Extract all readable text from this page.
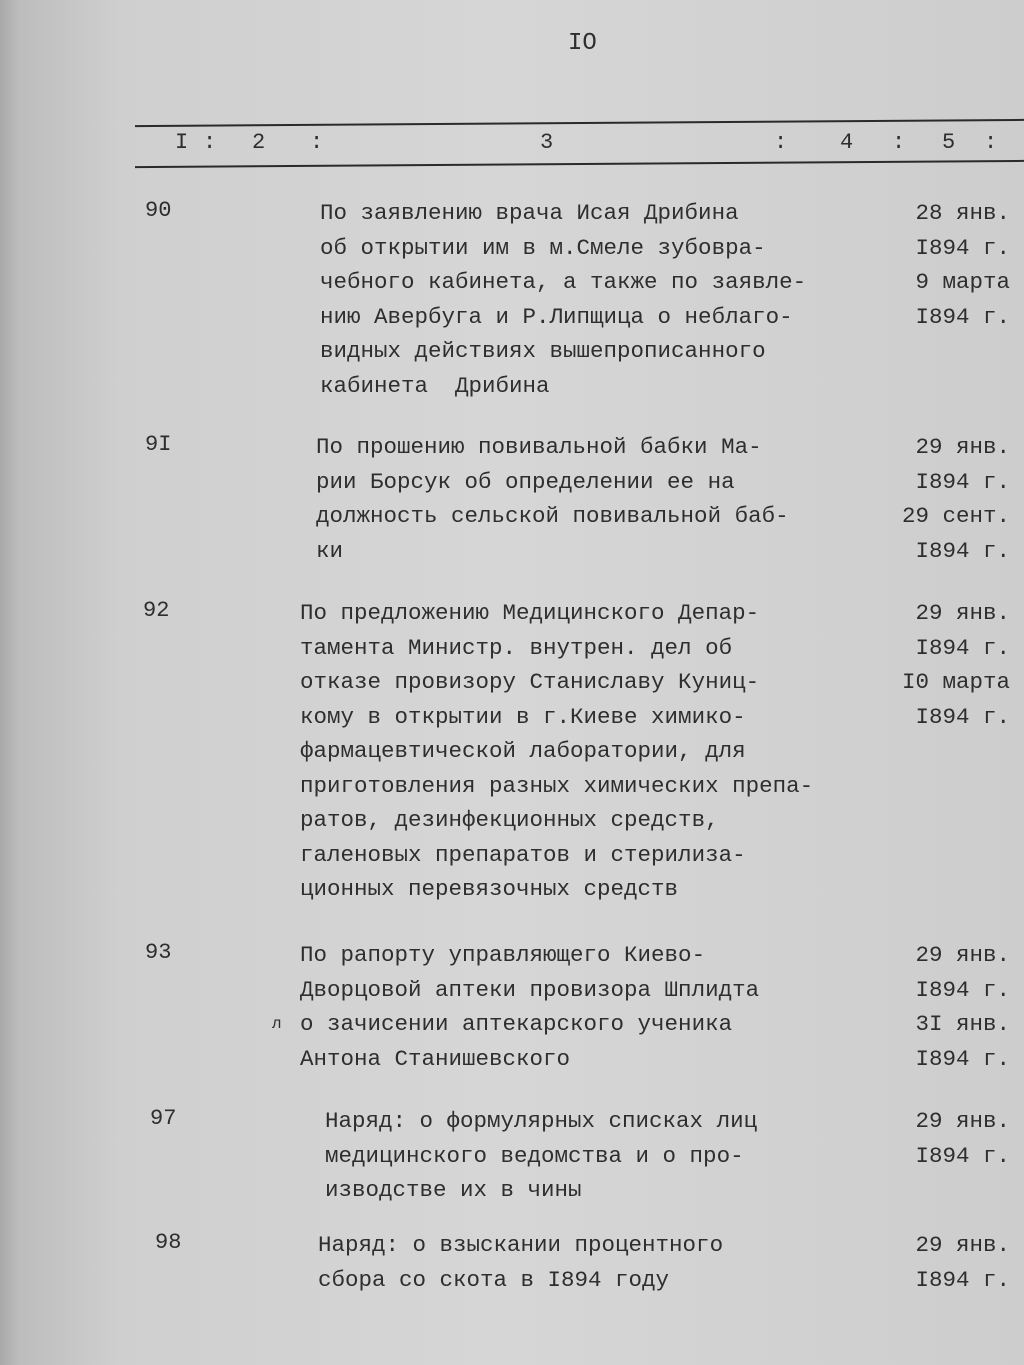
IO
I : 2 :	3	: 4 : 5 :
90	По заявлению врача Исая Дрибина	28 янв.
об открытии им в м.Смеле зубовра-	I894 г.
чебного кабинета, а также по заявле-	9 марта
нию Авербуга и Р.Липщица о неблаго-	I894 г.
видных действиях вышепрописанного
кабинета  Дрибина
9I	По прошению повивальной бабки Ма-	29 янв.
рии Борсук об определении ее на	I894 г.
должность сельской повивальной баб-	29 сент.
ки	I894 г.
92	По предложению Медицинского Депар-	29 янв.
тамента Министр. внутрен. дел об	I894 г.
отказе провизору Станиславу Куниц-	I0 марта
кому в открытии в г.Киеве химико-	I894 г.
фармацевтической лаборатории, для
приготовления разных химических препа-
ратов, дезинфекционных средств,
галеновых препаратов и стерилиза-
ционных перевязочных средств
93	По рапорту управляющего Киево-	29 янв.
Дворцовой аптеки провизора Шплидта	I894 г.
о зачисении аптекарского ученика	3I янв.
Антона Станишевского	I894 г.
л
97	Наряд: о формулярных списках лиц	29 янв.
медицинского ведомства и о про-	I894 г.
изводстве их в чины
98	Наряд: о взыскании процентного	29 янв.
сбора со скота в I894 году	I894 г.
